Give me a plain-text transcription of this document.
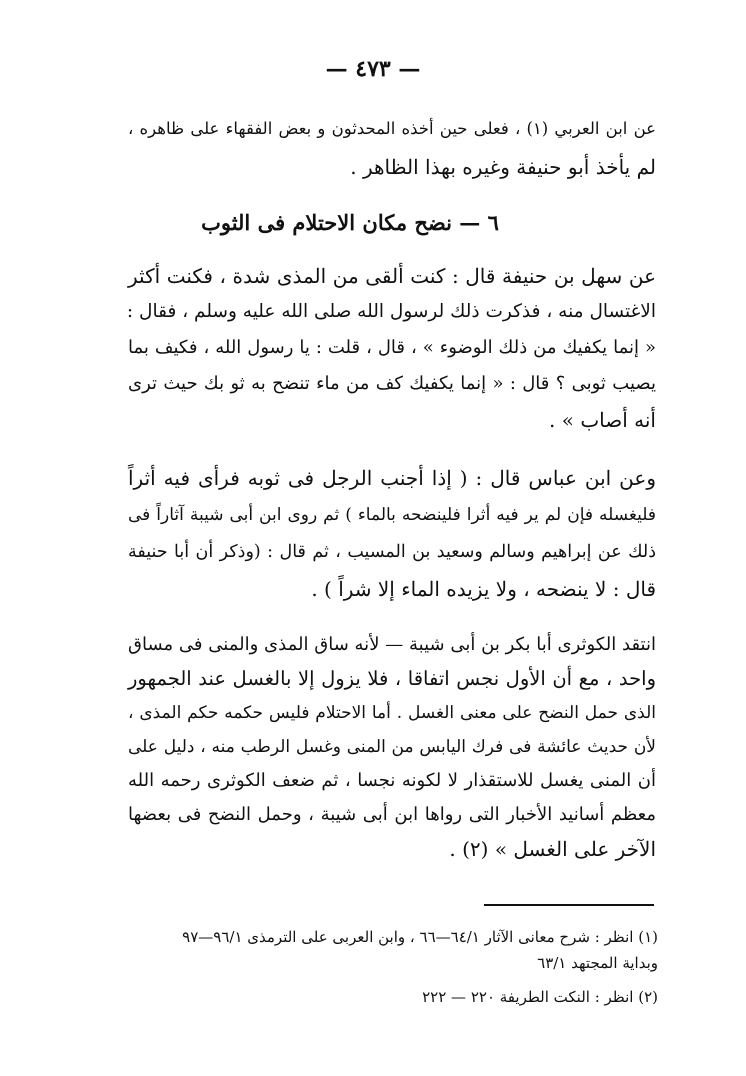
— ٤٧٣ —
عن ابن العربي (١) ، فعلى حين أخذه المحدثون و بعض الفقهاء على ظاهره ،
لم يأخذ أبو حنيفة وغيره بهذا الظاهر .
٦ — نضح مكان الاحتلام فى الثوب
عن سهل بن حنيفة قال : كنت ألقى من المذى شدة ، فكنت أكثر
الاغتسال منه ، فذكرت ذلك لرسول الله صلى الله عليه وسلم ، فقال :
« إنما يكفيك من ذلك الوضوء » ، قال ، قلت : يا رسول الله ، فكيف بما
يصيب ثوبى ؟ قال : « إنما يكفيك كف من ماء تنضح به ثو بك حيث ترى
أنه أصاب » .
وعن ابن عباس قال : ( إذا أجنب الرجل فى ثوبه فرأى فيه أثراً
فليغسله فإن لم ير فيه أثرا فلينضحه بالماء ) ثم روى ابن أبى شيبة آثاراً فى
ذلك عن إبراهيم وسالم وسعيد بن المسيب ، ثم قال : (وذكر أن أبا حنيفة
قال : لا ينضحه ، ولا يزيده الماء إلا شراً ) .
انتقد الكوثرى أبا بكر بن أبى شيبة — لأنه ساق المذى والمنى فى مساق
واحد ، مع أن الأول نجس اتفاقا ، فلا يزول إلا بالغسل عند الجمهور
الذى حمل النضح على معنى الغسل . أما الاحتلام فليس حكمه حكم المذى ،
لأن حديث عائشة فى فرك اليابس من المنى وغسل الرطب منه ، دليل على
أن المنى يغسل للاستقذار لا لكونه نجسا ، ثم ضعف الكوثرى رحمه الله
معظم أسانيد الأخبار التى رواها ابن أبى شيبة ، وحمل النضح فى بعضها
الآخر على الغسل » (٢) .
(١) انظر : شرح معانى الآثار ٦٤/١—٦٦ ، وابن العربى على الترمذى ٩٦/١—٩٧
وبداية المجتهد ٦٣/١
(٢) انظر : النكت الطريفة ٢٢٠ — ٢٢٢
